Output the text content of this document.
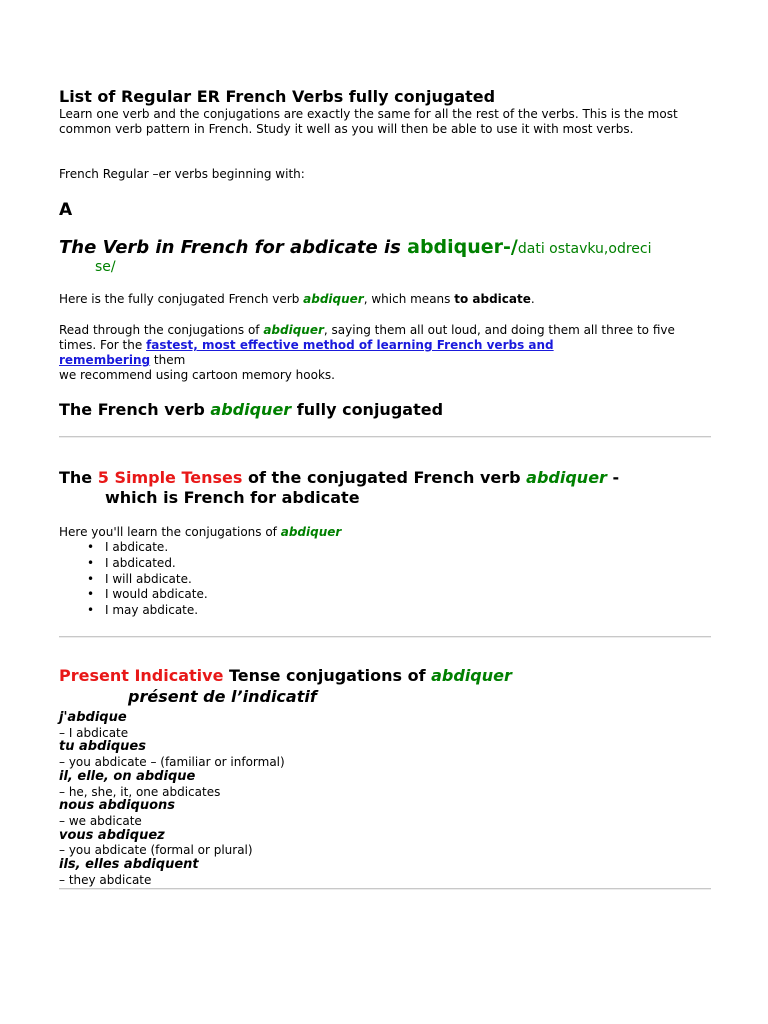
List of Regular ER French Verbs fully conjugated
Learn one verb and the conjugations are exactly the same for all the rest of the verbs. This is the most common verb pattern in French. Study it well as you will then be able to use it with most verbs.
French Regular –er verbs beginning with:
A
The Verb in French for abdicate is abdiquer-/dati ostavku,odreci
se/
Here is the fully conjugated French verb abdiquer, which means to abdicate.
Read through the conjugations of abdiquer, saying them all out loud, and doing them all three to five times. For the fastest, most effective method of learning French verbs and
remembering them
we recommend using cartoon memory hooks.
The French verb abdiquer fully conjugated
The 5 Simple Tenses of the conjugated French verb abdiquer -
which is French for abdicate
Here you'll learn the conjugations of abdiquer
• I abdicate.
• I abdicated.
• I will abdicate.
• I would abdicate.
• I may abdicate.
Present Indicative Tense conjugations of abdiquer
présent de l’indicatif
j'abdique
– I abdicate
tu abdiques
– you abdicate – (familiar or informal)
il, elle, on abdique
– he, she, it, one abdicates
nous abdiquons
– we abdicate
vous abdiquez
– you abdicate (formal or plural)
ils, elles abdiquent
– they abdicate
